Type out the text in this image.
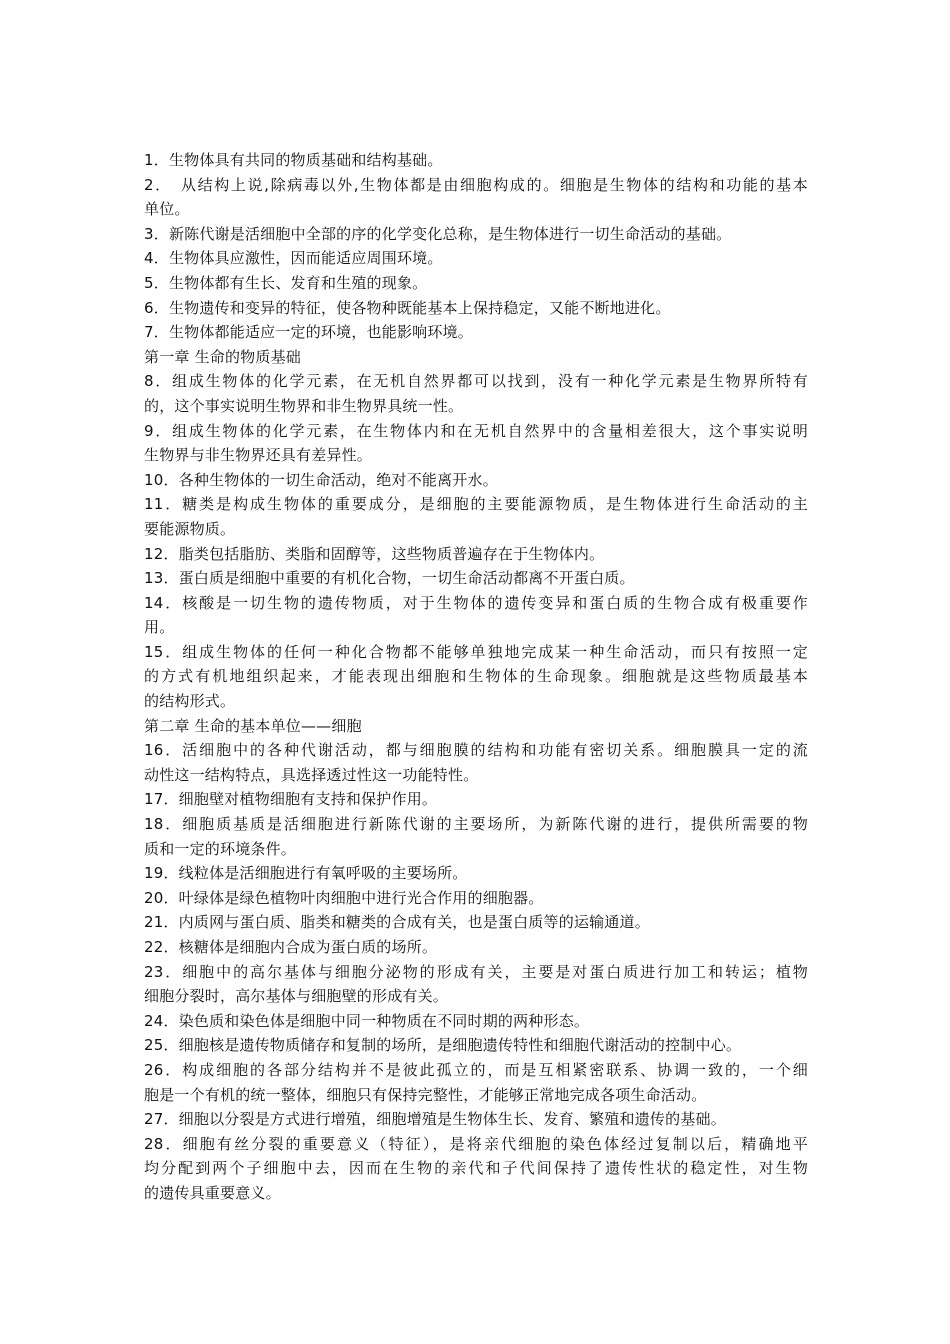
1．生物体具有共同的物质基础和结构基础。
2．　从结构上说,除病毒以外,生物体都是由细胞构成的。细胞是生物体的结构和功能的基本
单位。
3．新陈代谢是活细胞中全部的序的化学变化总称，是生物体进行一切生命活动的基础。
4．生物体具应激性，因而能适应周围环境。
5．生物体都有生长、发育和生殖的现象。
6．生物遗传和变异的特征，使各物种既能基本上保持稳定，又能不断地进化。
7．生物体都能适应一定的环境，也能影响环境。
第一章 生命的物质基础
8．组成生物体的化学元素，在无机自然界都可以找到，没有一种化学元素是生物界所特有
的，这个事实说明生物界和非生物界具统一性。
9．组成生物体的化学元素，在生物体内和在无机自然界中的含量相差很大，这个事实说明
生物界与非生物界还具有差异性。
10．各种生物体的一切生命活动，绝对不能离开水。
11．糖类是构成生物体的重要成分，是细胞的主要能源物质，是生物体进行生命活动的主
要能源物质。
12．脂类包括脂肪、类脂和固醇等，这些物质普遍存在于生物体内。
13．蛋白质是细胞中重要的有机化合物，一切生命活动都离不开蛋白质。
14．核酸是一切生物的遗传物质，对于生物体的遗传变异和蛋白质的生物合成有极重要作
用。
15．组成生物体的任何一种化合物都不能够单独地完成某一种生命活动，而只有按照一定
的方式有机地组织起来，才能表现出细胞和生物体的生命现象。细胞就是这些物质最基本
的结构形式。
第二章 生命的基本单位——细胞
16．活细胞中的各种代谢活动，都与细胞膜的结构和功能有密切关系。细胞膜具一定的流
动性这一结构特点，具选择透过性这一功能特性。
17．细胞壁对植物细胞有支持和保护作用。
18．细胞质基质是活细胞进行新陈代谢的主要场所，为新陈代谢的进行，提供所需要的物
质和一定的环境条件。
19．线粒体是活细胞进行有氧呼吸的主要场所。
20．叶绿体是绿色植物叶肉细胞中进行光合作用的细胞器。
21．内质网与蛋白质、脂类和糖类的合成有关，也是蛋白质等的运输通道。
22．核糖体是细胞内合成为蛋白质的场所。
23．细胞中的高尔基体与细胞分泌物的形成有关，主要是对蛋白质进行加工和转运；植物
细胞分裂时，高尔基体与细胞壁的形成有关。
24．染色质和染色体是细胞中同一种物质在不同时期的两种形态。
25．细胞核是遗传物质储存和复制的场所，是细胞遗传特性和细胞代谢活动的控制中心。
26．构成细胞的各部分结构并不是彼此孤立的，而是互相紧密联系、协调一致的，一个细
胞是一个有机的统一整体，细胞只有保持完整性，才能够正常地完成各项生命活动。
27．细胞以分裂是方式进行增殖，细胞增殖是生物体生长、发育、繁殖和遗传的基础。
28．细胞有丝分裂的重要意义（特征），是将亲代细胞的染色体经过复制以后，精确地平
均分配到两个子细胞中去，因而在生物的亲代和子代间保持了遗传性状的稳定性，对生物
的遗传具重要意义。
